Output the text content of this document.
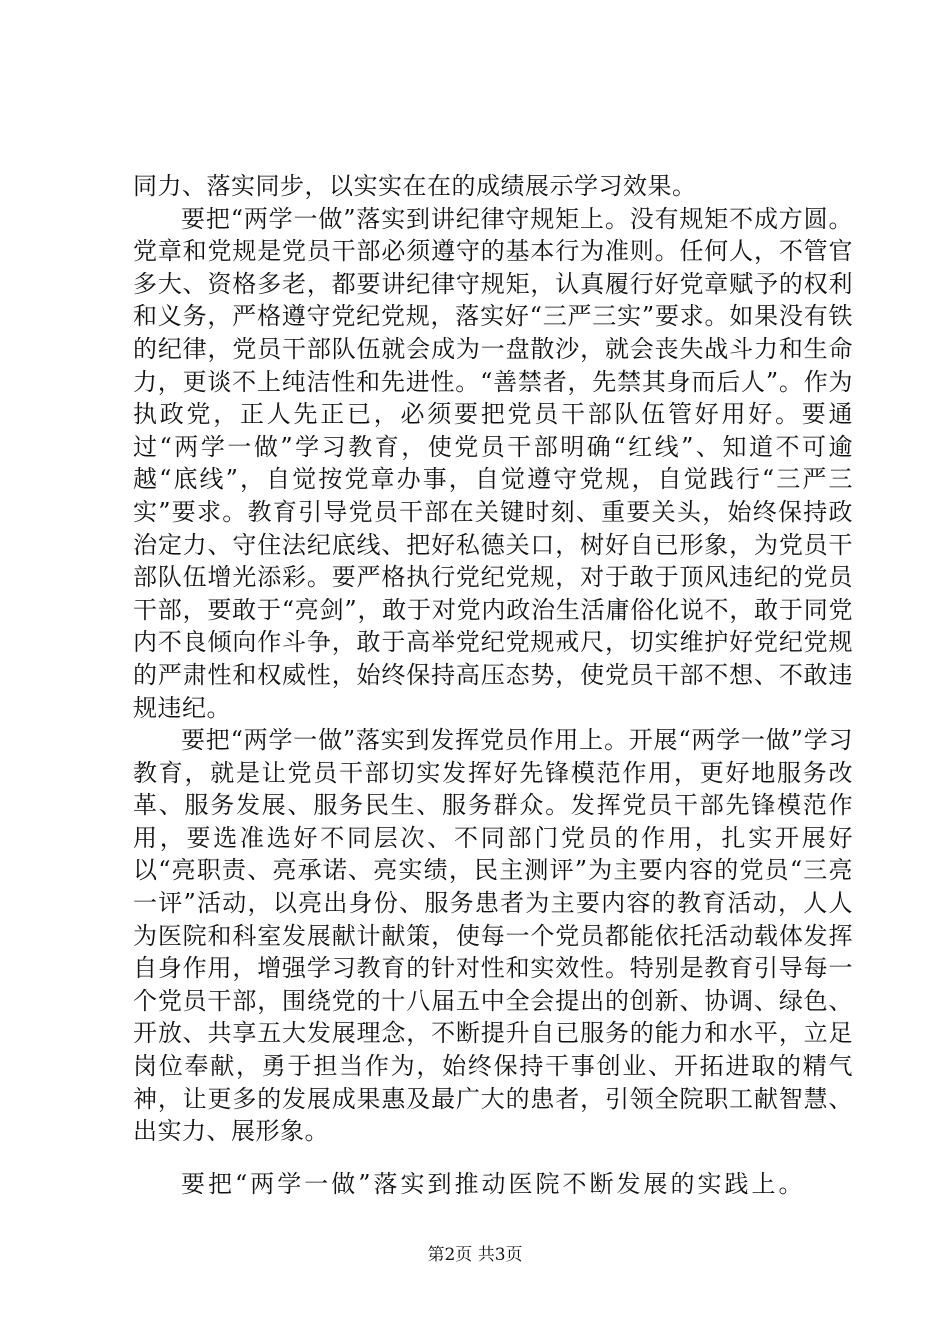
同力、落实同步，以实实在在的成绩展示学习效果。

要把“两学一做”落实到讲纪律守规矩上。没有规矩不成方圆。党章和党规是党员干部必须遵守的基本行为准则。任何人，不管官多大、资格多老，都要讲纪律守规矩，认真履行好党章赋予的权利和义务，严格遵守党纪党规，落实好“三严三实”要求。如果没有铁的纪律，党员干部队伍就会成为一盘散沙，就会丧失战斗力和生命力，更谈不上纯洁性和先进性。“善禁者，先禁其身而后人”。作为执政党，正人先正已，必须要把党员干部队伍管好用好。要通过“两学一做”学习教育，使党员干部明确“红线”、知道不可逾越“底线”，自觉按党章办事，自觉遵守党规，自觉践行“三严三实”要求。教育引导党员干部在关键时刻、重要关头，始终保持政治定力、守住法纪底线、把好私德关口，树好自已形象，为党员干部队伍增光添彩。要严格执行党纪党规，对于敢于顶风违纪的党员干部，要敢于“亮剑”，敢于对党内政治生活庸俗化说不，敢于同党内不良倾向作斗争，敢于高举党纪党规戒尺，切实维护好党纪党规的严肃性和权威性，始终保持高压态势，使党员干部不想、不敢违规违纪。

要把“两学一做”落实到发挥党员作用上。开展“两学一做”学习教育，就是让党员干部切实发挥好先锋模范作用，更好地服务改革、服务发展、服务民生、服务群众。发挥党员干部先锋模范作用，要选准选好不同层次、不同部门党员的作用，扎实开展好以“亮职责、亮承诺、亮实绩，民主测评”为主要内容的党员“三亮一评”活动，以亮出身份、服务患者为主要内容的教育活动，人人为医院和科室发展献计献策，使每一个党员都能依托活动载体发挥自身作用，增强学习教育的针对性和实效性。特别是教育引导每一个党员干部，围绕党的十八届五中全会提出的创新、协调、绿色、开放、共享五大发展理念，不断提升自已服务的能力和水平，立足岗位奉献，勇于担当作为，始终保持干事创业、开拓进取的精气神，让更多的发展成果惠及最广大的患者，引领全院职工献智慧、出实力、展形象。

要把“两学一做”落实到推动医院不断发展的实践上。

第2页 共3页
